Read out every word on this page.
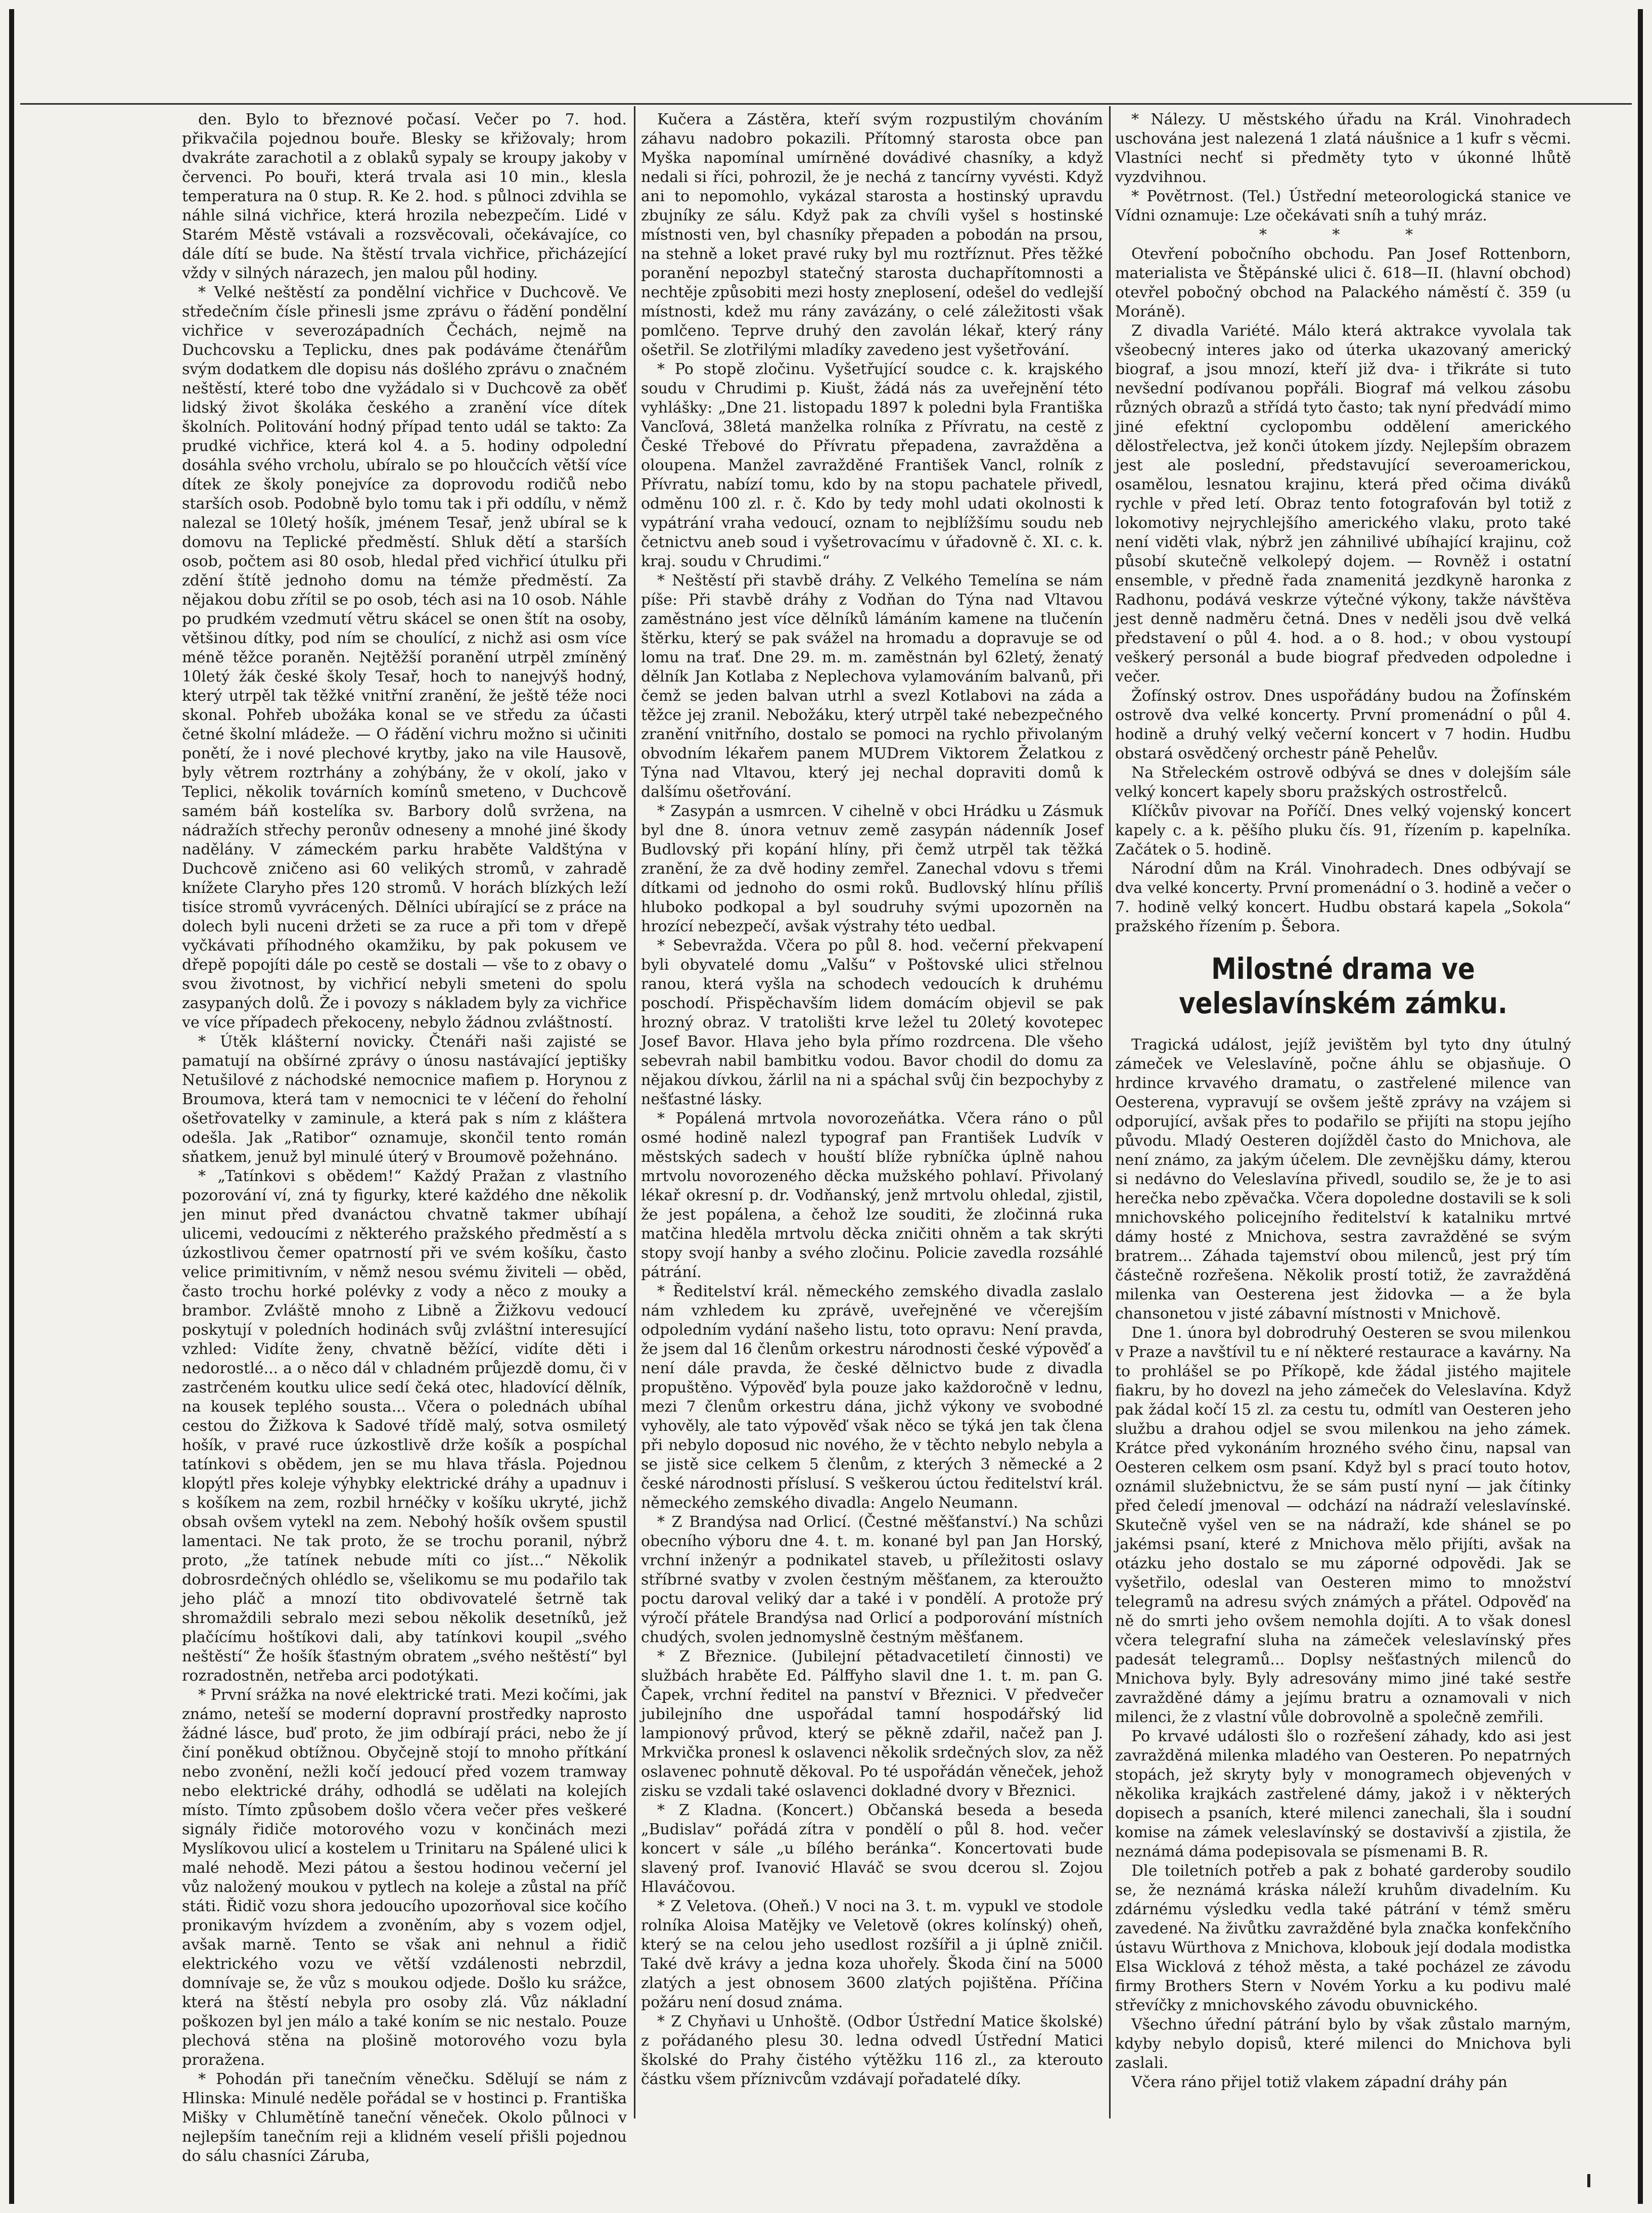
den. Bylo to březnové počasí. Večer po 7. hod. přikvačila pojednou bouře. Blesky se křižovaly; hrom dvakráte zarachotil a z oblaků sypaly se kroupy jakoby v červenci. Po bouři, která trvala asi 10 min., klesla temperatura na 0 stup. R. Ke 2. hod. s půlnoci zdvihla se náhle silná vichřice, která hrozila nebezpečím. Lidé v Starém Městě vstávali a rozsvěcovali, očekávajíce, co dále dítí se bude. Na štěstí trvala vichřice, přicházející vždy v silných nárazech, jen malou půl hodiny.

* Velké neštěstí za pondělní vichřice v Duchcově. Ve středečním čísle přinesli jsme zprávu o řádění pondělní vichřice v severozápadních Čechách, nejmě na Duchcovsku a Teplicku, dnes pak podáváme čtenářům svým dodatkem dle dopisu nás došlého zprávu o značném neštěstí, které tobo dne vyžádalo si v Duchcově za oběť lidský život školáka českého a zranění více dítek školních. Politování hodný případ tento udál se takto: Za prudké vichřice, která kol 4. a 5. hodiny odpolední dosáhla svého vrcholu, ubíralo se po hloučcích větší více dítek ze školy ponejvíce za doprovodu rodičů nebo starších osob. Podobně bylo tomu tak i při oddílu, v němž nalezal se 10letý hošík, jménem Tesař, jenž ubíral se k domovu na Teplické předměstí. Shluk dětí a starších osob, počtem asi 80 osob, hledal před vichřicí útulku při zdění štítě jednoho domu na témže předměstí. Za nějakou dobu zřítil se po osob, téch asi na 10 osob. Náhle po prudkém vzedmutí větru skácel se onen štít na osoby, většinou dítky, pod ním se choulící, z nichž asi osm více méně těžce poraněn. Nejtěžší poranění utrpěl zmíněný 10letý žák české školy Tesař, hoch to nanejvýš hodný, který utrpěl tak těžké vnitřní zranění, že ještě téže noci skonal. Pohřeb ubožáka konal se ve středu za účasti četné školní mládeže. — O řádění vichru možno si učiniti ponětí, že i nové plechové krytby, jako na vile Hausově, byly větrem roztrhány a zohýbány, že v okolí, jako v Teplici, několik továrních komínů smeteno, v Duchcově samém báň kostelíka sv. Barbory dolů svržena, na nádražích střechy peronův odneseny a mnohé jiné škody nadělány. V zámeckém parku hraběte Valdštýna v Duchcově zničeno asi 60 velikých stromů, v zahradě knížete Claryho přes 120 stromů. V horách blízkých leží tisíce stromů vyvrácených. Dělníci ubírající se z práce na dolech byli nuceni držeti se za ruce a při tom v dřepě vyčkávati příhodného okamžiku, by pak pokusem ve dřepě popojíti dále po cestě se dostali — vše to z obavy o svou životnost, by vichřicí nebyli smeteni do spolu zasypaných dolů. Že i povozy s nákladem byly za vichřice ve více případech překoceny, nebylo žádnou zvláštností.

* Útěk klášterní novicky. Čtenáři naši zajisté se pamatují na obšírné zprávy o únosu nastávající jeptišky Netušilové z náchodské nemocnice mafiem p. Horynou z Broumova, která tam v nemocnici te v léčení do řeholní ošetřovatelky v zaminule, a která pak s ním z kláštera odešla. Jak „Ratibor“ oznamuje, skončil tento román sňatkem, jenuž byl minulé úterý v Broumově požehnáno.

* „Tatínkovi s obědem!“ Každý Pražan z vlastního pozorování ví, zná ty figurky, které každého dne několik jen minut před dvanáctou chvatně takmer ubíhají ulicemi, vedoucími z některého pražského předměstí a s úzkostlivou čemer opatrností při ve svém košíku, často velice primitivním, v němž nesou svému živiteli — oběd, často trochu horké polévky z vody a něco z mouky a brambor. Zvláště mnoho z Libně a Žižkovu vedoucí poskytují v poledních hodinách svůj zvláštní interesující vzhled: Vidíte ženy, chvatně běžící, vidíte děti i nedorostlé... a o něco dál v chladném průjezdě domu, či v zastrčeném koutku ulice sedí čeká otec, hladovící dělník, na kousek teplého sousta... Včera o polednách ubíhal cestou do Žižkova k Sadové třídě malý, sotva osmiletý hošík, v pravé ruce úzkostlivě drže košík a pospíchal tatínkovi s obědem, jen se mu hlava třásla. Pojednou klopýtl přes koleje výhybky elektrické dráhy a upadnuv i s košíkem na zem, rozbil hrnéčky v košíku ukryté, jichž obsah ovšem vytekl na zem. Nebohý hošík ovšem spustil lamentaci. Ne tak proto, že se trochu poranil, nýbrž proto, „že tatínek nebude míti co jíst...“ Několik dobrosrdečných ohlédlo se, všelikomu se mu podařilo tak jeho pláč a mnozí tito obdivovatelé šetrně tak shromaždili sebralo mezi sebou několik desetníků, jež plačícímu hoštíkovi dali, aby tatínkovi koupil „svého neštěstí“ Že hošík šťastným obratem „svého neštěstí“ byl rozradostněn, netřeba arci podotýkati.

* První srážka na nové elektrické trati. Mezi kočími, jak známo, neteší se moderní dopravní prostředky naprosto žádné lásce, buď proto, že jim odbírají práci, nebo že jí činí poněkud obtížnou. Obyčejně stojí to mnoho přítkání nebo zvonění, nežli kočí jedoucí před vozem tramway nebo elektrické dráhy, odhodlá se udělati na kolejích místo. Tímto způsobem došlo včera večer přes veškeré signály řidiče motorového vozu v končinách mezi Myslíkovou ulicí a kostelem u Trinitaru na Spálené ulici k malé nehodě. Mezi pátou a šestou hodinou večerní jel vůz naložený moukou v pytlech na koleje a zůstal na příč státi. Řidič vozu shora jedoucího upozorňoval sice kočího pronikavým hvízdem a zvoněním, aby s vozem odjel, avšak marně. Tento se však ani nehnul a řidič elektrického vozu ve větší vzdálenosti nebrzdil, domnívaje se, že vůz s moukou odjede. Došlo ku srážce, která na štěstí nebyla pro osoby zlá. Vůz nákladní poškozen byl jen málo a také koním se nic nestalo. Pouze plechová stěna na plošině motorového vozu byla proražena.

* Pohodán při tanečním věnečku. Sdělují se nám z Hlinska: Minulé neděle pořádal se v hostinci p. Františka Mišky v Chlumětíně taneční věneček. Okolo půlnoci v nejlepším tanečním reji a klidném veselí přišli pojednou do sálu chasníci Záruba,

Kučera a Zástěra, kteří svým rozpustilým chováním záhavu nadobro pokazili. Přítomný starosta obce pan Myška napomínal umírněné dovádivé chasníky, a když nedali si říci, pohrozil, že je nechá z tancírny vyvésti. Když ani to nepomohlo, vykázal starosta a hostinský upravdu zbujníky ze sálu. Když pak za chvíli vyšel s hostinské místnosti ven, byl chasníky přepaden a pobodán na prsou, na stehně a loket pravé ruky byl mu roztříznut. Přes těžké poranění nepozbyl statečný starosta duchapřítomnosti a nechtěje způsobiti mezi hosty zneplosení, odešel do vedlejší místnosti, kdež mu rány zavázány, o celé záležitosti však pomlčeno. Teprve druhý den zavolán lékař, který rány ošetřil. Se zlotřilými mladíky zavedeno jest vyšetřování.

* Po stopě zločinu. Vyšetřující soudce c. k. krajského soudu v Chrudimi p. Kiušt, žádá nás za uveřejnění této vyhlášky: „Dne 21. listopadu 1897 k poledni byla Františka Vancľová, 38letá manželka rolníka z Přívratu, na cestě z České Třebové do Přívratu přepadena, zavražděna a oloupena. Manžel zavražděné František Vancl, rolník z Přívratu, nabízí tomu, kdo by na stopu pachatele přivedl, odměnu 100 zl. r. č. Kdo by tedy mohl udati okolnosti k vypátrání vraha vedoucí, oznam to nejblížšímu soudu neb četnictvu aneb soud i vyšetrovacímu v úřadovně č. XI. c. k. kraj. soudu v Chrudimi.“

* Neštěstí při stavbě dráhy. Z Velkého Temelína se nám píše: Při stavbě dráhy z Vodňan do Týna nad Vltavou zaměstnáno jest více dělníků lámáním kamene na tlučenín štěrku, který se pak svážel na hromadu a dopravuje se od lomu na trať. Dne 29. m. m. zaměstnán byl 62letý, ženatý dělník Jan Kotlaba z Neplechova vylamováním balvanů, při čemž se jeden balvan utrhl a svezl Kotlabovi na záda a těžce jej zranil. Nebožáku, který utrpěl také nebezpečného zranění vnitřního, dostalo se pomoci na rychlo přivolaným obvodním lékařem panem MUDrem Viktorem Želatkou z Týna nad Vltavou, který jej nechal dopraviti domů k dalšímu ošetřování.

* Zasypán a usmrcen. V cihelně v obci Hrádku u Zásmuk byl dne 8. února vetnuv země zasypán nádenník Josef Budlovský při kopání hlíny, při čemž utrpěl tak těžká zranění, že za dvě hodiny zemřel. Zanechal vdovu s třemi dítkami od jednoho do osmi roků. Budlovský hlínu příliš hluboko podkopal a byl soudruhy svými upozorněn na hrozící nebezpečí, avšak výstrahy této uedbal.

* Sebevražda. Včera po půl 8. hod. večerní překvapení byli obyvatelé domu „Valšu“ v Poštovské ulici střelnou ranou, která vyšla na schodech vedoucích k druhému poschodí. Přispěchavším lidem domácím objevil se pak hrozný obraz. V tratolišti krve ležel tu 20letý kovotepec Josef Bavor. Hlava jeho byla přímo rozdrcena. Dle všeho sebevrah nabil bambitku vodou. Bavor chodil do domu za nějakou dívkou, žárlil na ni a spáchal svůj čin bezpochyby z nešťastné lásky.

* Popálená mrtvola novorozeňátka. Včera ráno o půl osmé hodině nalezl typograf pan František Ludvík v městských sadech v houští blíže rybníčka úplně nahou mrtvolu novorozeného děcka mužského pohlaví. Přivolaný lékař okresní p. dr. Vodňanský, jenž mrtvolu ohledal, zjistil, že jest popálena, a čehož lze souditi, že zločinná ruka matčina hleděla mrtvolu děcka zničiti ohněm a tak skrýti stopy svojí hanby a svého zločinu. Policie zavedla rozsáhlé pátrání.

* Ředitelství král. německého zemského divadla zaslalo nám vzhledem ku zprávě, uveřejněné ve včerejším odpoledním vydání našeho listu, toto opravu: Není pravda, že jsem dal 16 členům orkestru národnosti české výpověď a není dále pravda, že české dělnictvo bude z divadla propuštěno. Výpověď byla pouze jako každoročně v lednu, mezi 7 členům orkestru dána, jichž výkony ve svobodné vyhověly, ale tato výpověď však něco se týká jen tak člena při nebylo doposud nic nového, že v těchto nebylo nebyla a se jistě sice celkem 5 členům, z kterých 3 německé a 2 české národnosti příslusí. S veškerou úctou ředitelství král. německého zemského divadla: Angelo Neumann.

* Z Brandýsa nad Orlicí. (Čestné měšťanství.) Na schůzi obecního výboru dne 4. t. m. konané byl pan Jan Horský, vrchní inženýr a podnikatel staveb, u příležitosti oslavy stříbrné svatby v zvolen čestným měšťanem, za kteroužto poctu daroval veliký dar a také i v pondělí. A protože prý výročí přátele Brandýsa nad Orlicí a podporování místních chudých, svolen jednomyslně čestným měšťanem.

* Z Březnice. (Jubilejní pětadvacetiletí činnosti) ve službách hraběte Ed. Pálffyho slavil dne 1. t. m. pan G. Čapek, vrchní ředitel na panství v Březnici. V předvečer jubilejního dne uspořádal tamní hospodářský lid lampionový průvod, který se pěkně zdařil, načež pan J. Mrkvička pronesl k oslavenci několik srdečných slov, za něž oslavenec pohnutě děkoval. Po té uspořádán věneček, jehož zisku se vzdali také oslavenci dokladné dvory v Březnici.

* Z Kladna. (Koncert.) Občanská beseda a beseda „Budislav“ pořádá zítra v pondělí o půl 8. hod. večer koncert v sále „u bílého beránka“. Koncertovati bude slavený prof. Ivanović Hlaváč se svou dcerou sl. Zojou Hlaváčovou.

* Z Veletova. (Oheň.) V noci na 3. t. m. vypukl ve stodole rolníka Aloisa Matějky ve Veletově (okres kolínský) oheň, který se na celou jeho usedlost rozšířil a ji úplně zničil. Také dvě krávy a jedna koza uhořely. Škoda činí na 5000 zlatých a jest obnosem 3600 zlatých pojištěna. Příčina požáru není dosud známa.

* Z Chyňavi u Unhoště. (Odbor Ústřední Matice školské) z pořádaného plesu 30. ledna odvedl Ústřední Matici školské do Prahy čistého výtěžku 116 zl., za kterouto částku všem příznivcům vzdávají pořadatelé díky.

* Nálezy. U městského úřadu na Král. Vinohradech uschována jest nalezená 1 zlatá náušnice a 1 kufr s věcmi. Vlastníci nechť si předměty tyto v úkonné lhůtě vyzdvihnou.

* Povětrnost. (Tel.) Ústřední meteorologická stanice ve Vídni oznamuje: Lze očekávati sníh a tuhý mráz.

* * *

Otevření pobočního obchodu. Pan Josef Rottenborn, materialista ve Štěpánské ulici č. 618—II. (hlavní obchod) otevřel pobočný obchod na Palackého náměstí č. 359 (u Moráně).

Z divadla Variété. Málo která aktrakce vyvolala tak všeobecný interes jako od úterka ukazovaný americký biograf, a jsou mnozí, kteří již dva- i třikráte si tuto nevšední podívanou popřáli. Biograf má velkou zásobu různých obrazů a střídá tyto často; tak nyní předvádí mimo jiné efektní cyclopombu oddělení amerického dělostřelectva, jež konči útokem jízdy. Nejlepším obrazem jest ale poslední, představující severoamerickou, osamělou, lesnatou krajinu, která před očima diváků rychle v před letí. Obraz tento fotografován byl totiž z lokomotivy nejrychlejšího amerického vlaku, proto také není viděti vlak, nýbrž jen záhnilivé ubíhající krajinu, což působí skutečně velkolepý dojem. — Rovněž i ostatní ensemble, v předně řada znamenitá jezdkyně haronka z Radhonu, podává veskrze výtečné výkony, takže návštěva jest denně nadměru četná. Dnes v neděli jsou dvě velká představení o půl 4. hod. a o 8. hod.; v obou vystoupí veškerý personál a bude biograf předveden odpoledne i večer.

Žofínský ostrov. Dnes uspořádány budou na Žofínském ostrově dva velké koncerty. První promenádní o půl 4. hodině a druhý velký večerní koncert v 7 hodin. Hudbu obstará osvědčený orchestr páně Pehelův.

Na Střeleckém ostrově odbývá se dnes v dolejším sále velký koncert kapely sboru pražských ostrostřelců.

Klíčkův pivovar na Poříčí. Dnes velký vojenský koncert kapely c. a k. pěšího pluku čís. 91, řízením p. kapelníka. Začátek o 5. hodině.

Národní dům na Král. Vinohradech. Dnes odbývají se dva velké koncerty. První promenádní o 3. hodině a večer o 7. hodině velký koncert. Hudbu obstará kapela „Sokola“ pražského řízením p. Šebora.

Milostné drama ve veleslavínském zámku.

Tragická událost, jejíž jevištěm byl tyto dny útulný zámeček ve Veleslavíně, počne áhlu se objasňuje. O hrdince krvavého dramatu, o zastřelené milence van Oesterena, vypravují se ovšem ještě zprávy na vzájem si odporující, avšak přes to podařilo se přijíti na stopu jejího původu. Mladý Oesteren dojížděl často do Mnichova, ale není známo, za jakým účelem. Dle zevnějšku dámy, kterou si nedávno do Veleslavína přivedl, soudilo se, že je to asi herečka nebo zpěvačka. Včera dopoledne dostavili se k soli mnichovského policejního ředitelství k katalniku mrtvé dámy hosté z Mnichova, sestra zavražděné se svým bratrem... Záhada tajemství obou milenců, jest prý tím částečně rozřešena. Několik prostí totiž, že zavražděná milenka van Oesterena jest židovka — a že byla chansonetou v jisté zábavní místnosti v Mnichově.

Dne 1. února byl dobrodruhý Oesteren se svou milenkou v Praze a navštívil tu e ní některé restaurace a kavárny. Na to prohlášel se po Příkopě, kde žádal jistého majitele fiakru, by ho dovezl na jeho zámeček do Veleslavína. Když pak žádal kočí 15 zl. za cestu tu, odmítl van Oesteren jeho službu a drahou odjel se svou milenkou na jeho zámek. Krátce před vykonáním hrozného svého činu, napsal van Oesteren celkem osm psaní. Když byl s prací touto hotov, oznámil služebnictvu, že se sám pustí nyní — jak čítinky před čeledí jmenoval — odchází na nádraží veleslavínské. Skutečně vyšel ven se na nádraží, kde shánel se po jakémsi psaní, které z Mnichova mělo přijíti, avšak na otázku jeho dostalo se mu záporné odpovědi. Jak se vyšetřilo, odeslal van Oesteren mimo to množství telegramů na adresu svých známých a přátel. Odpověď na ně do smrti jeho ovšem nemohla dojíti. A to však donesl včera telegrafní sluha na zámeček veleslavínský přes padesát telegramů... Doplsy nešťastných milenců do Mnichova byly. Byly adresovány mimo jiné také sestře zavražděné dámy a jejímu bratru a oznamovali v nich milenci, že z vlastní vůle dobrovolně a společně zemřili.

Po krvavé události šlo o rozřešení záhady, kdo asi jest zavražděná milenka mladého van Oesteren. Po nepatrných stopách, jež skryty byly v monogramech objevených v několika krajkách zastřelené dámy, jakož i v některých dopisech a psaních, které milenci zanechali, šla i soudní komise na zámek veleslavínský se dostavivší a zjistila, že neznámá dáma podepisovala se písmenami B. R.

Dle toiletních potřeb a pak z bohaté garderoby soudilo se, že neznámá kráska náleží kruhům divadelním. Ku zdárnému výsledku vedla také pátrání v témž směru zavedené. Na živůtku zavražděné byla značka konfekčního ústavu Würthova z Mnichova, klobouk její dodala modistka Elsa Wicklová z téhož města, a také pocházel ze závodu firmy Brothers Stern v Novém Yorku a ku podivu malé střevíčky z mnichovského závodu obuvnického.

Všechno úřední pátrání bylo by však zůstalo marným, kdyby nebylo dopisů, které milenci do Mnichova byli zaslali.

Včera ráno přijel totiž vlakem západní dráhy pán
